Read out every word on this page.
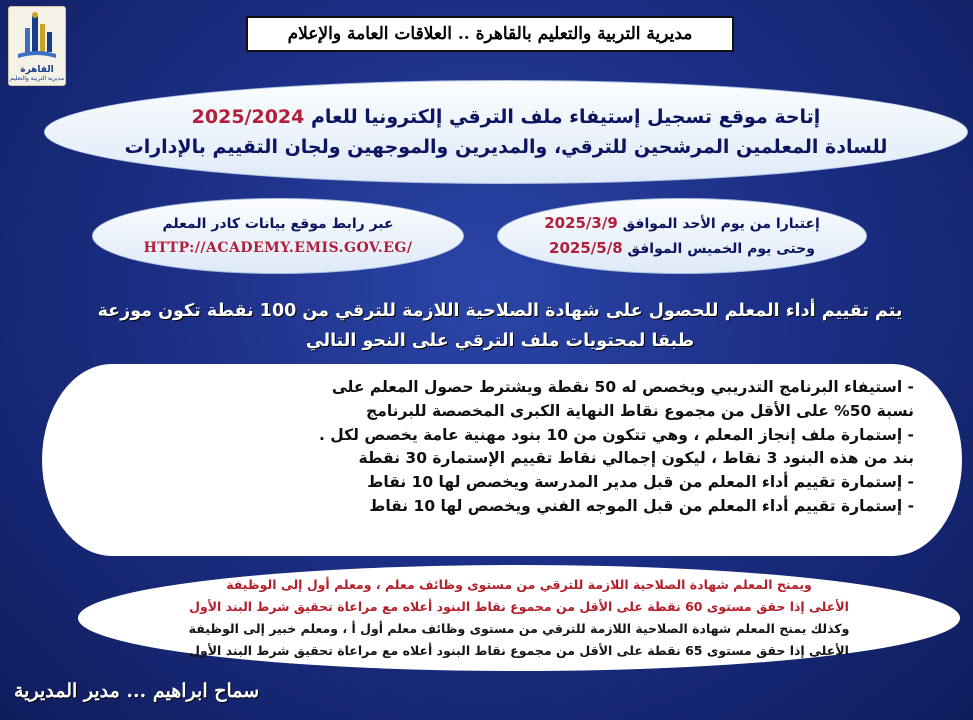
القاهرة
مديرية التربية والتعليم
مديرية التربية والتعليم بالقاهرة .. العلاقات العامة والإعلام
إتاحة موقع تسجيل إستيفاء ملف الترقي إلكترونيا للعام 2025/2024
للسادة المعلمين المرشحين للترقي، والمديرين والموجهين ولجان التقييم بالإدارات
إعتبارا من يوم الأحد الموافق 2025/3/9
وحتى يوم الخميس الموافق 2025/5/8
عبر رابط موقع بيانات كادر المعلم
HTTP://ACADEMY.EMIS.GOV.EG/
يتم تقييم أداء المعلم للحصول على شهادة الصلاحية اللازمة للترقي من 100 نقطة تكون موزعة
طبقا لمحتويات ملف الترقي على النحو التالي
- استيفاء البرنامج التدريبي ويخصص له 50 نقطة ويشترط حصول المعلم على
نسبة 50% على الأقل من مجموع نقاط النهاية الكبرى المخصصة للبرنامج
- إستمارة ملف إنجاز المعلم ، وهي تتكون من 10 بنود مهنية عامة يخصص لكل .
بند من هذه البنود 3 نقاط ، ليكون إجمالي نقاط تقييم الإستمارة 30 نقطة
- إستمارة تقييم أداء المعلم من قبل مدير المدرسة ويخصص لها 10 نقاط
- إستمارة تقييم أداء المعلم من قبل الموجه الفني ويخصص لها 10 نقاط
ويمنح المعلم شهادة الصلاحية اللازمة للترقي من مستوى وظائف معلم ، ومعلم أول إلى الوظيفة
الأعلى إذا حقق مستوى 60 نقطة على الأقل من مجموع نقاط البنود أعلاه مع مراعاة تحقيق شرط البند الأول
وكذلك يمنح المعلم شهادة الصلاحية اللازمة للترقي من مستوى وظائف معلم أول أ ، ومعلم خبير إلى الوظيفة
الأعلى إذا حقق مستوى 65 نقطة على الأقل من مجموع نقاط البنود أعلاه مع مراعاة تحقيق شرط البند الأول
سماح ابراهيم ... مدير المديرية
